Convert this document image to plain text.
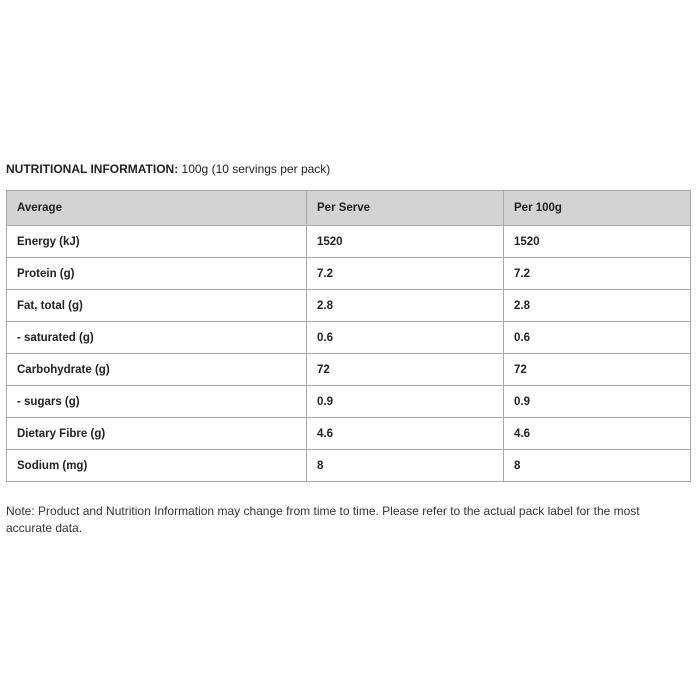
NUTRITIONAL INFORMATION: 100g (10 servings per pack)
Average	Per Serve	Per 100g
Energy (kJ)	1520	1520
Protein (g)	7.2	7.2
Fat, total (g)	2.8	2.8
- saturated (g)	0.6	0.6
Carbohydrate (g)	72	72
- sugars (g)	0.9	0.9
Dietary Fibre (g)	4.6	4.6
Sodium (mg)	8	8
Note: Product and Nutrition Information may change from time to time. Please refer to the actual pack label for the most accurate data.
